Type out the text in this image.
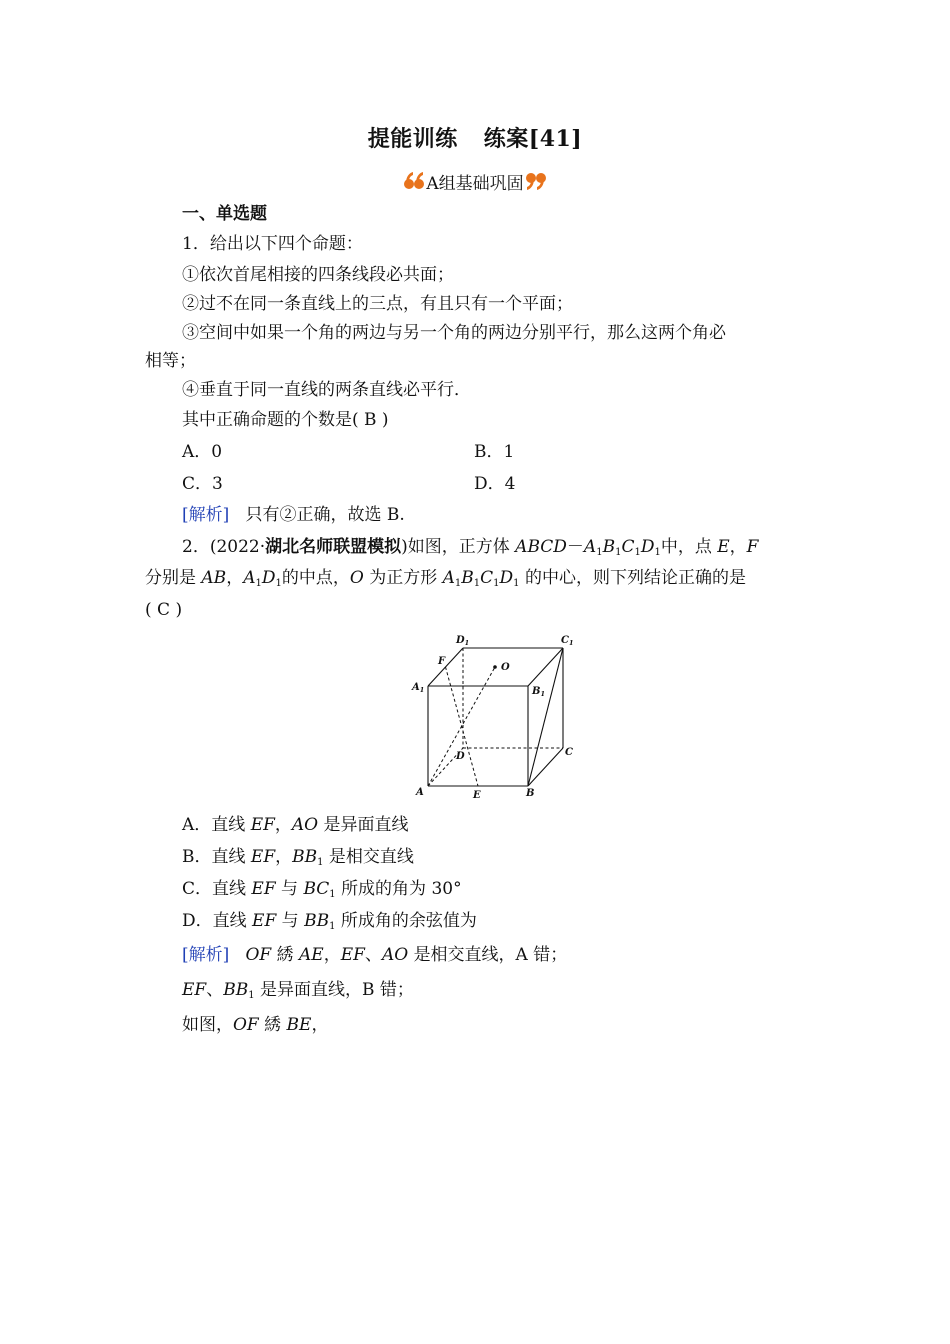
提能训练 练案[41]
A组基础巩固
一、单选题
1．给出以下四个命题：
①依次首尾相接的四条线段必共面；
②过不在同一条直线上的三点，有且只有一个平面；
③空间中如果一个角的两边与另一个角的两边分别平行，那么这两个角必
相等；
④垂直于同一直线的两条直线必平行．
其中正确命题的个数是( B )
A．0	B．1
C．3	D．4
[解析] 只有②正确，故选 B.
2．(2022·湖北名师联盟模拟)如图，正方体 $ABCD-A_1B_1C_1D_1$中，点 E，F
分别是 AB，$A_1D_1$的中点，O 为正方形 $A_1B_1C_1D_1$ 的中心，则下列结论正确的是
( C )
$A_1$
$D_1$	$C_1$
$B_1$
F
O
D	C
A	E	B
A．直线 EF，AO 是异面直线
B．直线 EF，$BB_1$ 是相交直线
C．直线 EF 与 $BC_1$ 所成的角为 30°
D．直线 EF 与 $BB_1$ 所成角的余弦值为
[解析] OF 綉 AE，EF、AO 是相交直线，A 错；
EF、$BB_1$ 是异面直线，B 错；
如图，OF 綉 BE，
